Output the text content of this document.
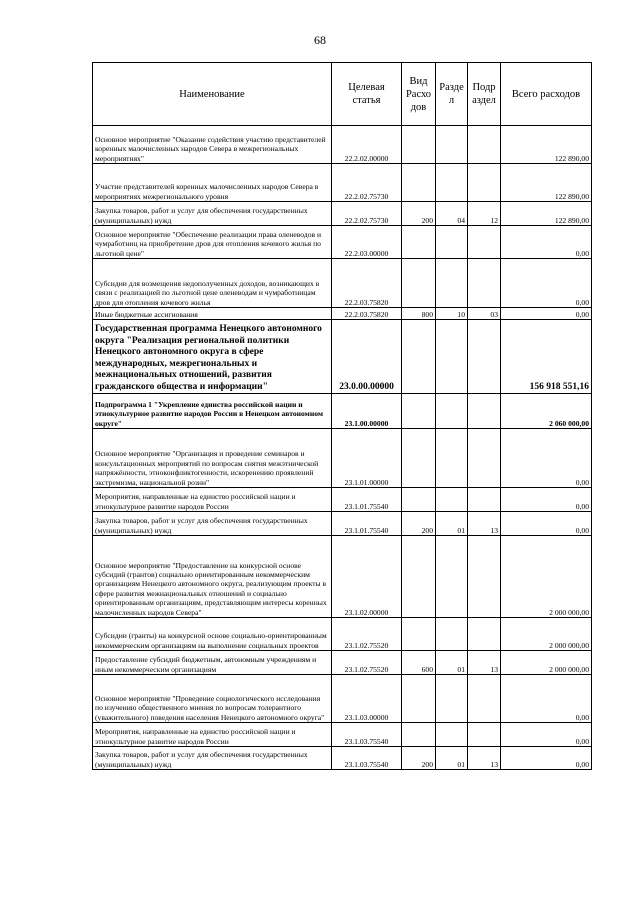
68
Наименование	Целевая статья	Вид Расхо дов	Разде л	Подр аздел	Всего расходов
Основное мероприятие "Оказание содействия участию представителей коренных малочисленных народов Севера в межрегиональных мероприятиях"	22.2.02.00000				122 890,00
Участие представителей коренных малочисленных народов Севера в мероприятиях межрегионального уровня	22.2.02.75730				122 890,00
Закупка товаров, работ и услуг для обеспечения государственных (муниципальных) нужд	22.2.02.75730	200	04	12	122 890,00
Основное мероприятие "Обеспечение реализации права оленеводов и чумработниц на приобретение дров для отопления кочевого жилья по льготной цене"	22.2.03.00000				0,00
Субсидии для возмещения недополученных доходов, возникающих в связи с реализацией по льготной цене оленеводам и чумработницам дров для отопления кочевого жилья	22.2.03.75820				0,00
Иные бюджетные ассигнования	22.2.03.75820	800	10	03	0,00
Государственная программа Ненецкого автономного округа "Реализация региональной политики Ненецкого автономного округа в сфере международных, межрегиональных и межнациональных отношений, развития гражданского общества и информации"	23.0.00.00000				156 918 551,16
Подпрограмма 1 "Укрепление единства российской нации и этнокультурное развитие народов России в Ненецком автономном округе"	23.1.00.00000				2 060 000,00
Основное мероприятие "Организация и проведение семинаров и консультационных мероприятий по вопросам снятия межэтнической напряжённости, этноконфликтогенности, искоренению проявлений экстремизма, национальной розни"	23.1.01.00000				0,00
Мероприятия, направленные на единство российской нации и этнокультурное развитие народов России	23.1.01.75540				0,00
Закупка товаров, работ и услуг для обеспечения государственных (муниципальных) нужд	23.1.01.75540	200	01	13	0,00
Основное мероприятие "Предоставление на конкурсной основе субсидий (грантов) социально ориентированным некоммерческим организациям Ненецкого автономного округа, реализующим проекты в сфере развития межнациональных отношений и социально ориентированным организациям, представляющим интересы коренных малочисленных народов Севера"	23.1.02.00000				2 000 000,00
Субсидии (гранты) на конкурсной основе социально-ориентированным некоммерческим организациям на выполнение социальных проектов	23.1.02.75520				2 000 000,00
Предоставление субсидий бюджетным, автономным учреждениям и иным некоммерческим организациям	23.1.02.75520	600	01	13	2 000 000,00
Основное мероприятие "Проведение социологического исследования по изучению общественного мнения по вопросам толерантного (уважительного) поведения населения Ненецкого автономного округа"	23.1.03.00000				0,00
Мероприятия, направленные на единство российской нации и этнокультурное развитие народов России	23.1.03.75540				0,00
Закупка товаров, работ и услуг для обеспечения государственных (муниципальных) нужд	23.1.03.75540	200	01	13	0,00
